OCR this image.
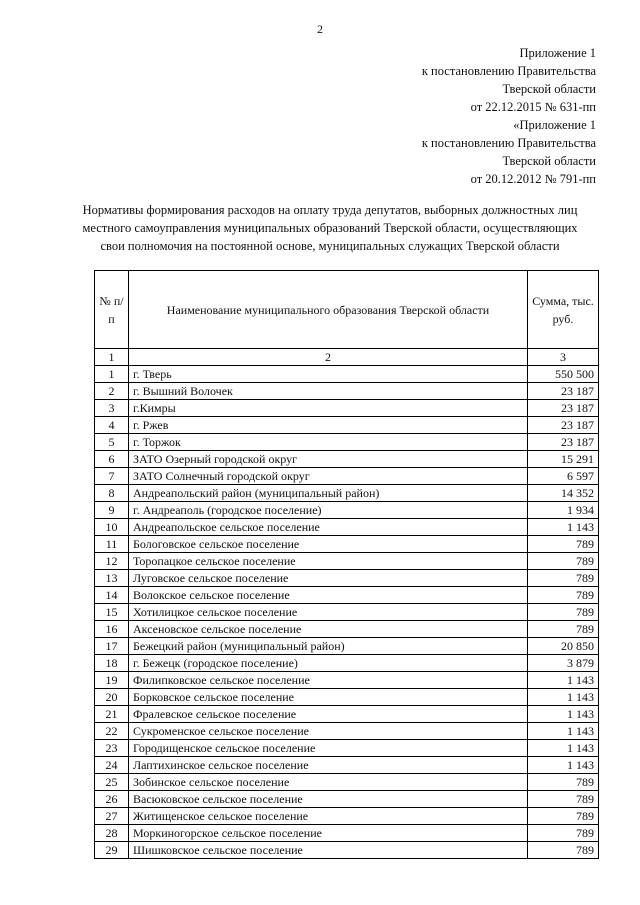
2
Приложение 1
к постановлению Правительства
Тверской области
от 22.12.2015 № 631-пп
«Приложение 1
к постановлению Правительства
Тверской области
от 20.12.2012 № 791-пп
Нормативы формирования расходов на оплату труда депутатов, выборных должностных лиц местного самоуправления муниципальных образований Тверской области, осуществляющих свои полномочия на постоянной основе, муниципальных служащих Тверской области
№ п/п	Наименование муниципального образования Тверской области	Сумма, тыс. руб.
1	2	3
1	г. Тверь	550 500
2	г. Вышний Волочек	23 187
3	г.Кимры	23 187
4	г. Ржев	23 187
5	г. Торжок	23 187
6	ЗАТО Озерный городской округ	15 291
7	ЗАТО Солнечный городской округ	6 597
8	Андреапольский район (муниципальный район)	14 352
9	г. Андреаполь (городское поселение)	1 934
10	Андреапольское сельское поселение	1 143
11	Бологовское сельское поселение	789
12	Торопацкое сельское поселение	789
13	Луговское сельское поселение	789
14	Волокское сельское поселение	789
15	Хотилицкое сельское поселение	789
16	Аксеновское сельское поселение	789
17	Бежецкий район (муниципальный район)	20 850
18	г. Бежецк (городское поселение)	3 879
19	Филипковское сельское поселение	1 143
20	Борковское сельское поселение	1 143
21	Фралевское сельское поселение	1 143
22	Сукроменское сельское поселение	1 143
23	Городищенское сельское поселение	1 143
24	Лаптихинское сельское поселение	1 143
25	Зобинское сельское поселение	789
26	Васюковское сельское поселение	789
27	Житищенское сельское поселение	789
28	Моркиногорское сельское поселение	789
29	Шишковское сельское поселение	789
